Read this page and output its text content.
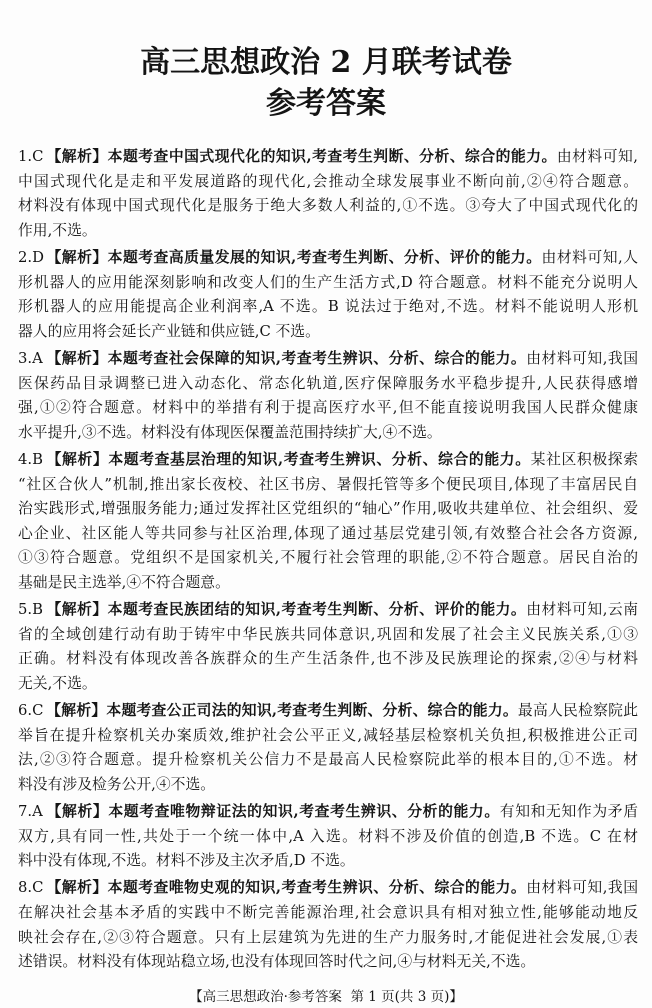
高三思想政治 2 月联考试卷
参考答案
1.C 【解析】本题考查中国式现代化的知识,考查考生判断、分析、综合的能力。由材料可知,
中国式现代化是走和平发展道路的现代化,会推动全球发展事业不断向前,②④符合题意。
材料没有体现中国式现代化是服务于绝大多数人利益的,①不选。③夸大了中国式现代化的
作用,不选。
2.D 【解析】本题考查高质量发展的知识,考查考生判断、分析、评价的能力。由材料可知,人
形机器人的应用能深刻影响和改变人们的生产生活方式,D 符合题意。材料不能充分说明人
形机器人的应用能提高企业利润率,A 不选。B 说法过于绝对,不选。材料不能说明人形机
器人的应用将会延长产业链和供应链,C 不选。
3.A 【解析】本题考查社会保障的知识,考查考生辨识、分析、综合的能力。由材料可知,我国
医保药品目录调整已进入动态化、常态化轨道,医疗保障服务水平稳步提升,人民获得感增
强,①②符合题意。材料中的举措有利于提高医疗水平,但不能直接说明我国人民群众健康
水平提升,③不选。材料没有体现医保覆盖范围持续扩大,④不选。
4.B 【解析】本题考查基层治理的知识,考查考生辨识、分析、综合的能力。某社区积极探索
“社区合伙人”机制,推出家长夜校、社区书房、暑假托管等多个便民项目,体现了丰富居民自
治实践形式,增强服务能力;通过发挥社区党组织的“轴心”作用,吸收共建单位、社会组织、爱
心企业、社区能人等共同参与社区治理,体现了通过基层党建引领,有效整合社会各方资源,
①③符合题意。党组织不是国家机关,不履行社会管理的职能,②不符合题意。居民自治的
基础是民主选举,④不符合题意。
5.B 【解析】本题考查民族团结的知识,考查考生判断、分析、评价的能力。由材料可知,云南
省的全域创建行动有助于铸牢中华民族共同体意识,巩固和发展了社会主义民族关系,①③
正确。材料没有体现改善各族群众的生产生活条件,也不涉及民族理论的探索,②④与材料
无关,不选。
6.C 【解析】本题考查公正司法的知识,考查考生判断、分析、综合的能力。最高人民检察院此
举旨在提升检察机关办案质效,维护社会公平正义,减轻基层检察机关负担,积极推进公正司
法,②③符合题意。提升检察机关公信力不是最高人民检察院此举的根本目的,①不选。材
料没有涉及检务公开,④不选。
7.A 【解析】本题考查唯物辩证法的知识,考查考生辨识、分析的能力。有知和无知作为矛盾
双方,具有同一性,共处于一个统一体中,A 入选。材料不涉及价值的创造,B 不选。C 在材
料中没有体现,不选。材料不涉及主次矛盾,D 不选。
8.C 【解析】本题考查唯物史观的知识,考查考生辨识、分析、综合的能力。由材料可知,我国
在解决社会基本矛盾的实践中不断完善能源治理,社会意识具有相对独立性,能够能动地反
映社会存在,②③符合题意。只有上层建筑为先进的生产力服务时,才能促进社会发展,①表
述错误。材料没有体现站稳立场,也没有体现回答时代之问,④与材料无关,不选。
【高三思想政治·参考答案  第 1 页(共 3 页)】
